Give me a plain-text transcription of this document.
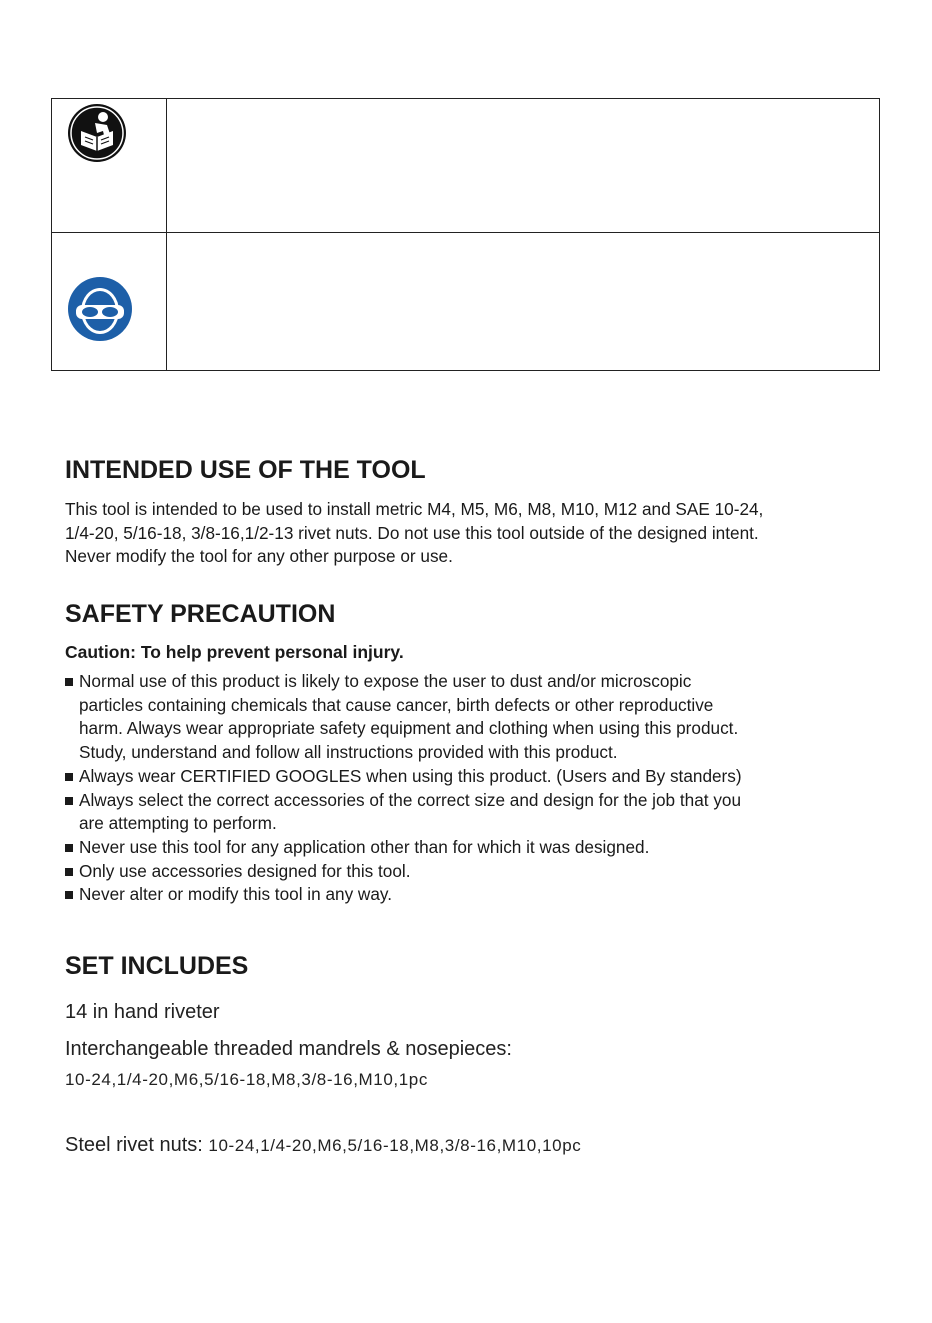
INTENDED USE OF THE TOOL
This tool is intended to be used to install metric M4, M5, M6, M8, M10, M12 and SAE 10-24,
1/4-20, 5/16-18, 3/8-16,1/2-13 rivet nuts. Do not use this tool outside of the designed intent.
Never modify the tool for any other purpose or use.
SAFETY PRECAUTION
Caution: To help prevent personal injury.
Normal use of this product is likely to expose the user to dust and/or microscopic
particles containing chemicals that cause cancer, birth defects or other reproductive
harm. Always wear appropriate safety equipment and clothing when using this product.
Study, understand and follow all instructions provided with this product.
Always wear CERTIFIED GOOGLES when using this product. (Users and By standers)
Always select the correct accessories of the correct size and design for the job that you
are attempting to perform.
Never use this tool for any application other than for which it was designed.
Only use accessories designed for this tool.
Never alter or modify this tool in any way.
SET INCLUDES
14 in hand riveter
Interchangeable threaded mandrels & nosepieces:
10-24,1/4-20,M6,5/16-18,M8,3/8-16,M10,1pc
Steel rivet nuts: 10-24,1/4-20,M6,5/16-18,M8,3/8-16,M10,10pc
